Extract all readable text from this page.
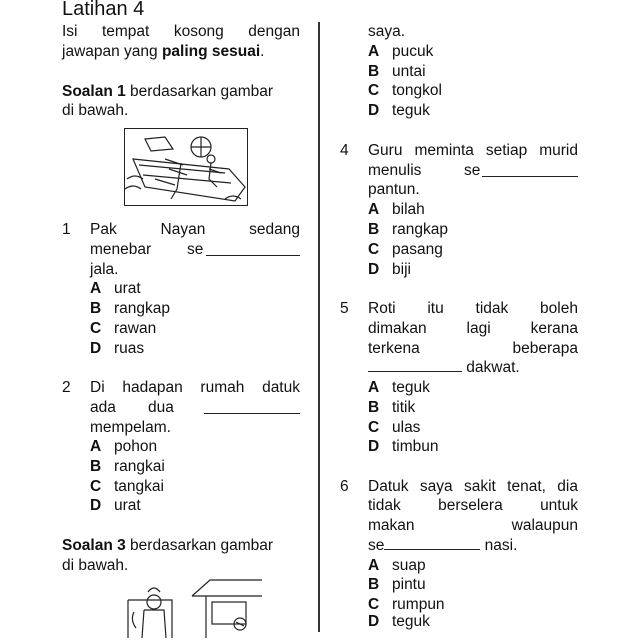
Latihan 4
Isi tempat kosong dengan
jawapan yang paling sesuai.
Soalan 1 berdasarkan gambar
di bawah.
1 Pak	Nayan	sedang
menebar se
jala.
A urat
B rangkap
C rawan
D ruas
2 Di hadapan rumah datuk
ada dua
mempelam.
A pohon
B rangkai
C tangkai
D urat
Soalan 3 berdasarkan gambar
di bawah.
saya.
A pucuk
B untai
C tongkol
D teguk
4 Guru meminta setiap murid
menulis	se
pantun.
A bilah
B rangkap
C pasang
D biji
5 Roti itu tidak boleh
dimakan	lagi	kerana
terkena	beberapa
dakwat.
A teguk
B titik
C ulas
D timbun
6 Datuk saya sakit tenat, dia
tidak berselera untuk
makan	walaupun
se	nasi.
A suap
B pintu
C rumpun
D teguk
